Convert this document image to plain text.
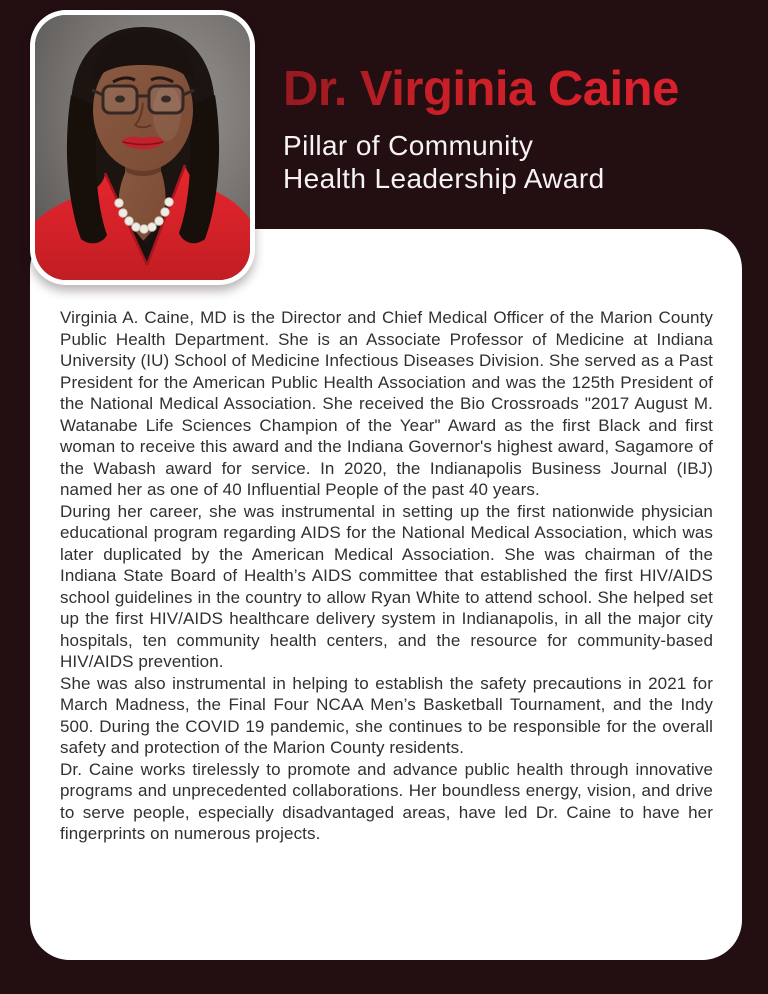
Virginia A. Caine, MD is the Director and Chief Medical Officer of the Marion County Public Health Department. She is an Associate Professor of Medicine at Indiana University (IU) School of Medicine Infectious Diseases Division. She served as a Past President for the American Public Health Association and was the 125th President of the National Medical Association. She received the Bio Crossroads "2017 August M. Watanabe Life Sciences Champion of the Year" Award as the first Black and first woman to receive this award and the Indiana Governor's highest award, Sagamore of the Wabash award for service. In 2020, the Indianapolis Business Journal (IBJ) named her as one of 40 Influential People of the past 40 years.

During her career, she was instrumental in setting up the first nationwide physician educational program regarding AIDS for the National Medical Association, which was later duplicated by the American Medical Association. She was chairman of the Indiana State Board of Health’s AIDS committee that established the first HIV/AIDS school guidelines in the country to allow Ryan White to attend school. She helped set up the first HIV/AIDS healthcare delivery system in Indianapolis, in all the major city hospitals, ten community health centers, and the resource for community-based HIV/AIDS prevention.

She was also instrumental in helping to establish the safety precautions in 2021 for March Madness, the Final Four NCAA Men’s Basketball Tournament, and the Indy 500. During the COVID 19 pandemic, she continues to be responsible for the overall safety and protection of the Marion County residents.

Dr. Caine works tirelessly to promote and advance public health through innovative programs and unprecedented collaborations. Her boundless energy, vision, and drive to serve people, especially disadvantaged areas, have led Dr. Caine to have her fingerprints on numerous projects.

Dr. Virginia Caine
Pillar of Community
Health Leadership Award
